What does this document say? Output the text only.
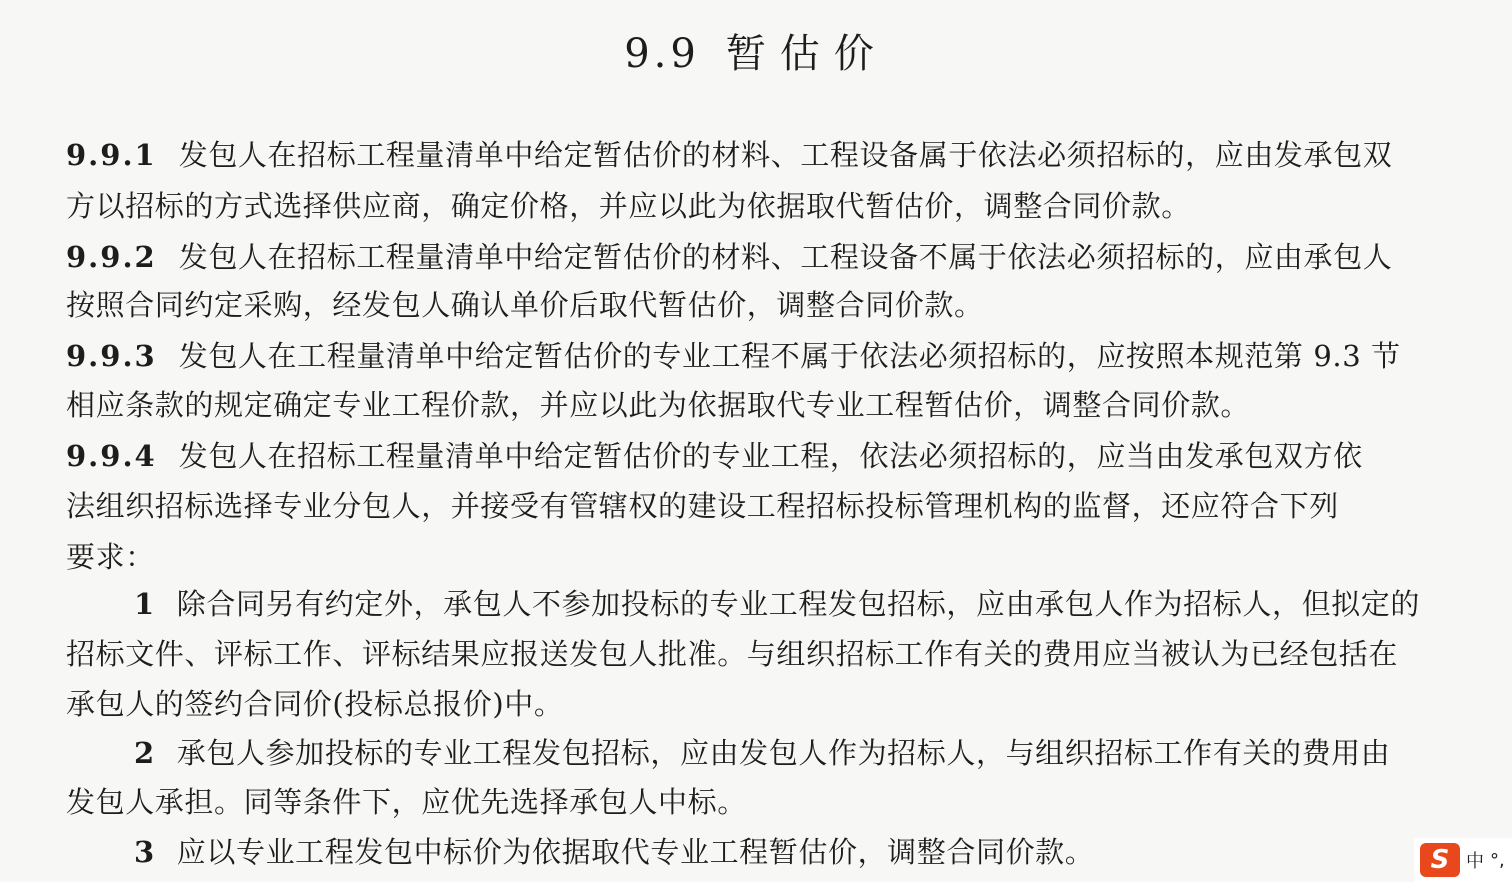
9.9 暂估价
9.9.1 发包人在招标工程量清单中给定暂估价的材料、工程设备属于依法必须招标的，应由发承包双
方以招标的方式选择供应商，确定价格，并应以此为依据取代暂估价，调整合同价款。
9.9.2 发包人在招标工程量清单中给定暂估价的材料、工程设备不属于依法必须招标的，应由承包人
按照合同约定采购，经发包人确认单价后取代暂估价，调整合同价款。
9.9.3 发包人在工程量清单中给定暂估价的专业工程不属于依法必须招标的，应按照本规范第 9.3 节
相应条款的规定确定专业工程价款，并应以此为依据取代专业工程暂估价，调整合同价款。
9.9.4 发包人在招标工程量清单中给定暂估价的专业工程，依法必须招标的，应当由发承包双方依
法组织招标选择专业分包人，并接受有管辖权的建设工程招标投标管理机构的监督，还应符合下列
要求：
1 除合同另有约定外，承包人不参加投标的专业工程发包招标，应由承包人作为招标人，但拟定的
招标文件、评标工作、评标结果应报送发包人批准。与组织招标工作有关的费用应当被认为已经包括在
承包人的签约合同价(投标总报价)中。
2 承包人参加投标的专业工程发包招标，应由发包人作为招标人，与组织招标工作有关的费用由
发包人承担。同等条件下，应优先选择承包人中标。
3 应以专业工程发包中标价为依据取代专业工程暂估价，调整合同价款。	S 中 °,
